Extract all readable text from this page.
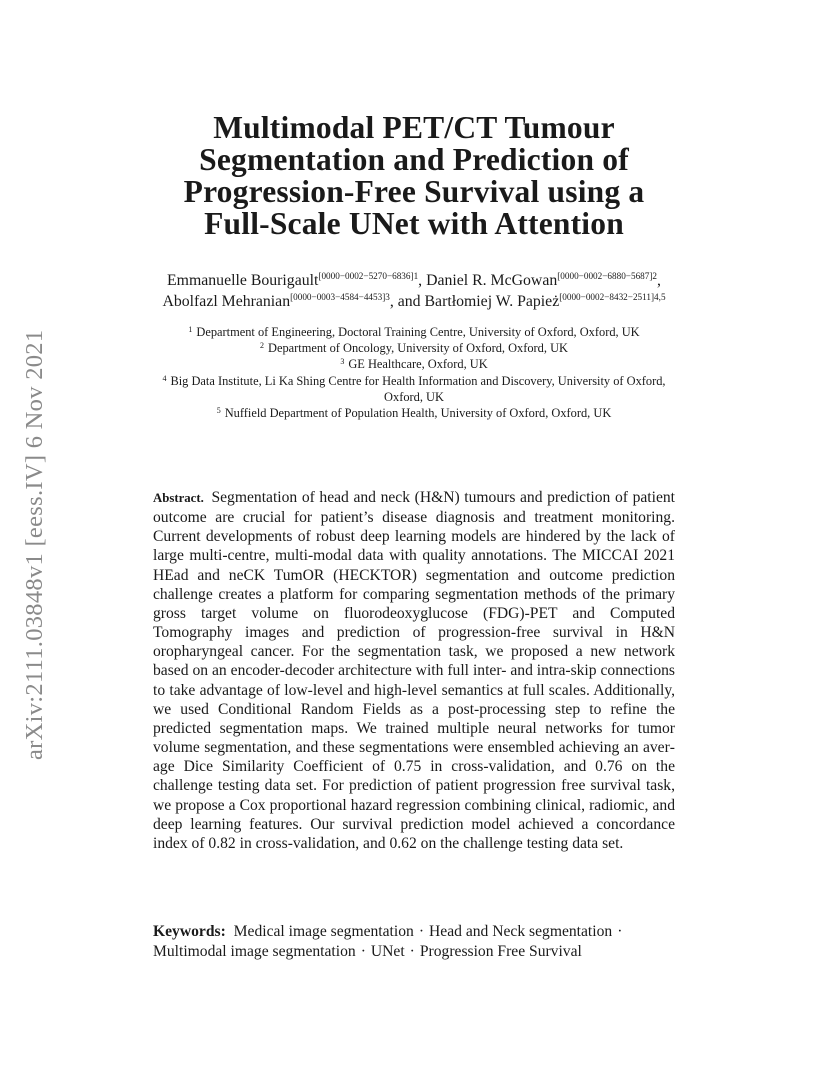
arXiv:2111.03848v1 [eess.IV] 6 Nov 2021
Multimodal PET/CT Tumour
Segmentation and Prediction of
Progression-Free Survival using a
Full-Scale UNet with Attention
Emmanuelle Bourigault$^{[0000-0002-5270-6836]1}$, Daniel R. McGowan$^{[0000-0002-6880-5687]2}$,
Abolfazl Mehranian$^{[0000-0003-4584-4453]3}$, and Bartłomiej W. Papież$^{[0000-0002-8432-2511]4,5}$
$^1$ Department of Engineering, Doctoral Training Centre, University of Oxford, Oxford, UK
$^2$ Department of Oncology, University of Oxford, Oxford, UK
$^3$ GE Healthcare, Oxford, UK
$^4$ Big Data Institute, Li Ka Shing Centre for Health Information and Discovery, University of Oxford,
Oxford, UK
$^5$ Nuffield Department of Population Health, University of Oxford, Oxford, UK

Abstract. Segmentation of head and neck (H&N) tumours and prediction of patient outcome are crucial for patient’s disease diagnosis and treatment monitoring. Current developments of robust deep learning models are hindered by the lack of large multi-centre, multi-modal data with quality annotations. The MICCAI 2021 HEad and neCK TumOR (HECKTOR) segmentation and outcome prediction challenge creates a platform for comparing segmentation methods of the primary gross target volume on fluorodeoxyglucose (FDG)-PET and Computed Tomography images and prediction of progression-free survival in H&N oropharyngeal cancer. For the segmentation task, we proposed a new network based on an encoder-decoder architecture with full inter- and intra-skip connections to take advantage of low-level and high-level semantics at full scales. Additionally, we used Conditional Random Fields as a post-processing step to refine the predicted segmentation maps. We trained multiple neural networks for tumor volume segmentation, and these segmentations were ensembled achieving an average Dice Similarity Coefficient of 0.75 in cross-validation, and 0.76 on the challenge testing data set. For prediction of patient progression free survival task, we propose a Cox proportional hazard regression combining clinical, radiomic, and deep learning features. Our survival prediction model achieved a concordance index of 0.82 in cross-validation, and 0.62 on the challenge testing data set.

Keywords: Medical image segmentation · Head and Neck segmentation ·
Multimodal image segmentation · UNet · Progression Free Survival
